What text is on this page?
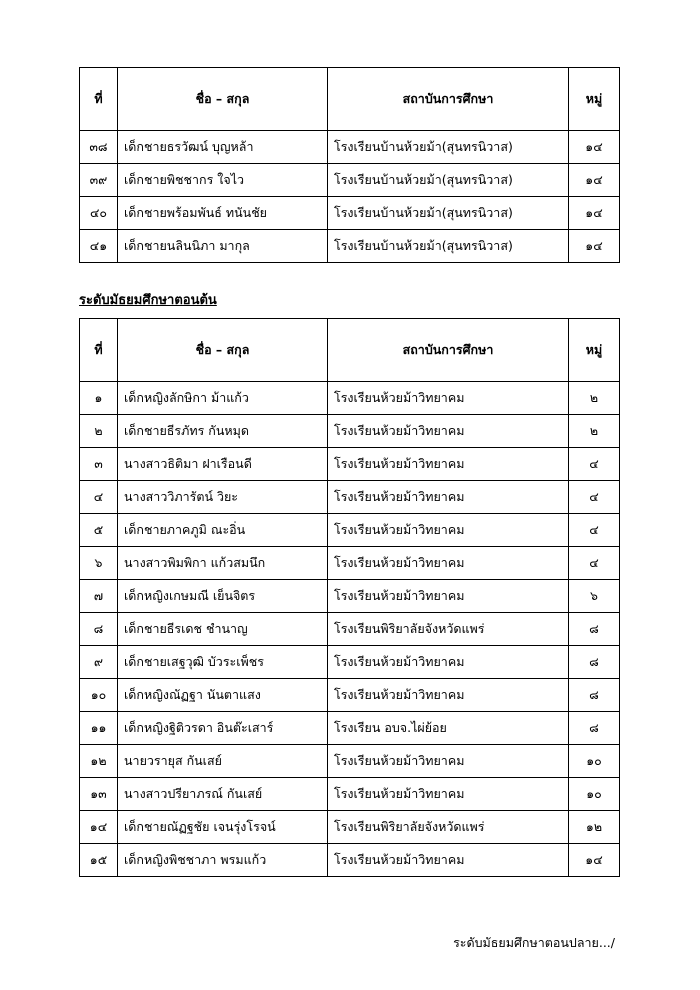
ที่	ชื่อ – สกุล	สถาบันการศึกษา	หมู่
๓๘	เด็กชายธรวัฒน์ บุญหล้า	โรงเรียนบ้านห้วยม้า(สุนทรนิวาส)	๑๔
๓๙	เด็กชายพิชชากร ใจไว	โรงเรียนบ้านห้วยม้า(สุนทรนิวาส)	๑๔
๔๐	เด็กชายพร้อมพันธ์ ทนันชัย	โรงเรียนบ้านห้วยม้า(สุนทรนิวาส)	๑๔
๔๑	เด็กชายนลินนิภา มากุล	โรงเรียนบ้านห้วยม้า(สุนทรนิวาส)	๑๔
ระดับมัธยมศึกษาตอนต้น
ที่	ชื่อ – สกุล	สถาบันการศึกษา	หมู่
๑	เด็กหญิงลักษิกา ม้าแก้ว	โรงเรียนห้วยม้าวิทยาคม	๒
๒	เด็กชายธีรภัทร กันหมุด	โรงเรียนห้วยม้าวิทยาคม	๒
๓	นางสาวธิติมา ฝาเรือนดี	โรงเรียนห้วยม้าวิทยาคม	๔
๔	นางสาววิภารัตน์ วิยะ	โรงเรียนห้วยม้าวิทยาคม	๔
๕	เด็กชายภาคภูมิ ณะอิ่น	โรงเรียนห้วยม้าวิทยาคม	๔
๖	นางสาวพิมพิกา แก้วสมนึก	โรงเรียนห้วยม้าวิทยาคม	๔
๗	เด็กหญิงเกษมณี เย็นจิตร	โรงเรียนห้วยม้าวิทยาคม	๖
๘	เด็กชายธีรเดช ชำนาญ	โรงเรียนพิริยาลัยจังหวัดแพร่	๘
๙	เด็กชายเสฐวุฒิ บัวระเพ็ชร	โรงเรียนห้วยม้าวิทยาคม	๘
๑๐	เด็กหญิงณัฏฐา นันตาแสง	โรงเรียนห้วยม้าวิทยาคม	๘
๑๑	เด็กหญิงฐิติวรดา อินต๊ะเสาร์	โรงเรียน อบจ.ไผ่ย้อย	๘
๑๒	นายวรายุส กันเสย์	โรงเรียนห้วยม้าวิทยาคม	๑๐
๑๓	นางสาวปรียาภรณ์ กันเสย์	โรงเรียนห้วยม้าวิทยาคม	๑๐
๑๔	เด็กชายณัฏฐชัย เจนรุ่งโรจน์	โรงเรียนพิริยาลัยจังหวัดแพร่	๑๒
๑๕	เด็กหญิงพิชชาภา พรมแก้ว	โรงเรียนห้วยม้าวิทยาคม	๑๔
ระดับมัธยมศึกษาตอนปลาย.../
